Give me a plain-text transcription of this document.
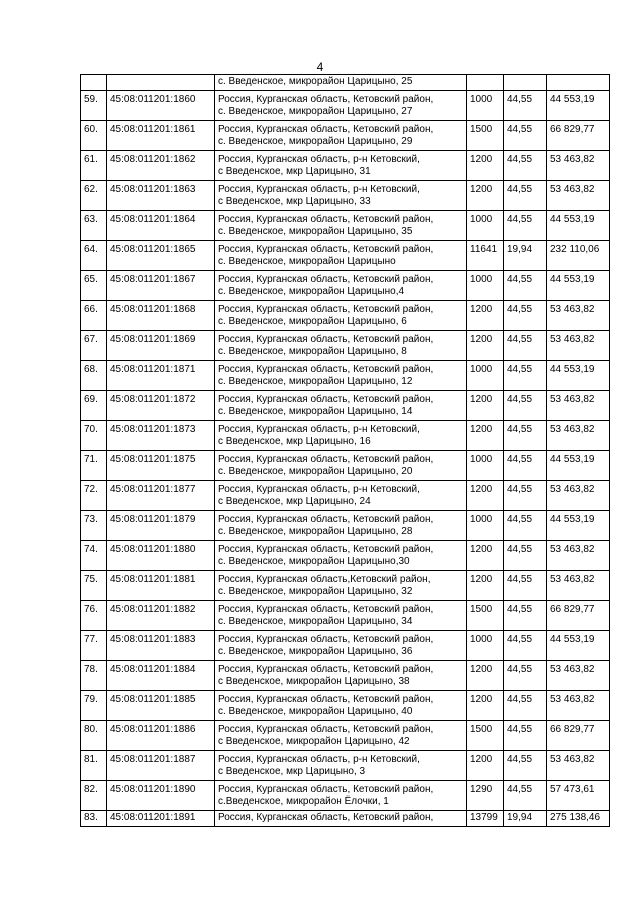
4
		с. Введенское, микрорайон Царицыно, 25			
59.	45:08:011201:1860	Россия, Курганская область, Кетовский район,
с. Введенское, микрорайон Царицыно, 27	1000	44,55	44 553,19
60.	45:08:011201:1861	Россия, Курганская область, Кетовский район,
с. Введенское, микрорайон Царицыно, 29	1500	44,55	66 829,77
61.	45:08:011201:1862	Россия, Курганская область, р-н Кетовский,
с Введенское, мкр Царицыно, 31	1200	44,55	53 463,82
62.	45:08:011201:1863	Россия, Курганская область, р-н Кетовский,
с Введенское, мкр Царицыно, 33	1200	44,55	53 463,82
63.	45:08:011201:1864	Россия, Курганская область, Кетовский район,
с. Введенское, микрорайон Царицыно, 35	1000	44,55	44 553,19
64.	45:08:011201:1865	Россия, Курганская область, Кетовский район,
с. Введенское, микрорайон Царицыно	11641	19,94	232 110,06
65.	45:08:011201:1867	Россия, Курганская область, Кетовский район,
с. Введенское, микрорайон Царицыно,4	1000	44,55	44 553,19
66.	45:08:011201:1868	Россия, Курганская область, Кетовский район,
с. Введенское, микрорайон Царицыно, 6	1200	44,55	53 463,82
67.	45:08:011201:1869	Россия, Курганская область, Кетовский район,
с. Введенское, микрорайон Царицыно, 8	1200	44,55	53 463,82
68.	45:08:011201:1871	Россия, Курганская область, Кетовский район,
с. Введенское, микрорайон Царицыно, 12	1000	44,55	44 553,19
69.	45:08:011201:1872	Россия, Курганская область, Кетовский район,
с. Введенское, микрорайон Царицыно, 14	1200	44,55	53 463,82
70.	45:08:011201:1873	Россия, Курганская область, р-н Кетовский,
с Введенское, мкр Царицыно, 16	1200	44,55	53 463,82
71.	45:08:011201:1875	Россия, Курганская область, Кетовский район,
с. Введенское, микрорайон Царицыно, 20	1000	44,55	44 553,19
72.	45:08:011201:1877	Россия, Курганская область, р-н Кетовский,
с Введенское, мкр Царицыно, 24	1200	44,55	53 463,82
73.	45:08:011201:1879	Россия, Курганская область, Кетовский район,
с. Введенское, микрорайон Царицыно, 28	1000	44,55	44 553,19
74.	45:08:011201:1880	Россия, Курганская область, Кетовский район,
с. Введенское, микрорайон Царицыно,30	1200	44,55	53 463,82
75.	45:08:011201:1881	Россия, Курганская область,Кетовский район,
с. Введенское, микрорайон Царицыно, 32	1200	44,55	53 463,82
76.	45:08:011201:1882	Россия, Курганская область, Кетовский район,
с. Введенское, микрорайон Царицыно, 34	1500	44,55	66 829,77
77.	45:08:011201:1883	Россия, Курганская область, Кетовский район,
с. Введенское, микрорайон Царицыно, 36	1000	44,55	44 553,19
78.	45:08:011201:1884	Россия, Курганская область, Кетовский район,
с Введенское, микрорайон Царицыно, 38	1200	44,55	53 463,82
79.	45:08:011201:1885	Россия, Курганская область, Кетовский район,
с. Введенское, микрорайон Царицыно, 40	1200	44,55	53 463,82
80.	45:08:011201:1886	Россия, Курганская область, Кетовский район,
с Введенское, микрорайон Царицыно, 42	1500	44,55	66 829,77
81.	45:08:011201:1887	Россия, Курганская область, р-н Кетовский,
с Введенское, мкр Царицыно, 3	1200	44,55	53 463,82
82.	45:08:011201:1890	Россия, Курганская область, Кетовский район,
с.Введенское, микрорайон Ёлочки, 1	1290	44,55	57 473,61
83.	45:08:011201:1891	Россия, Курганская область, Кетовский район,	13799	19,94	275 138,46
